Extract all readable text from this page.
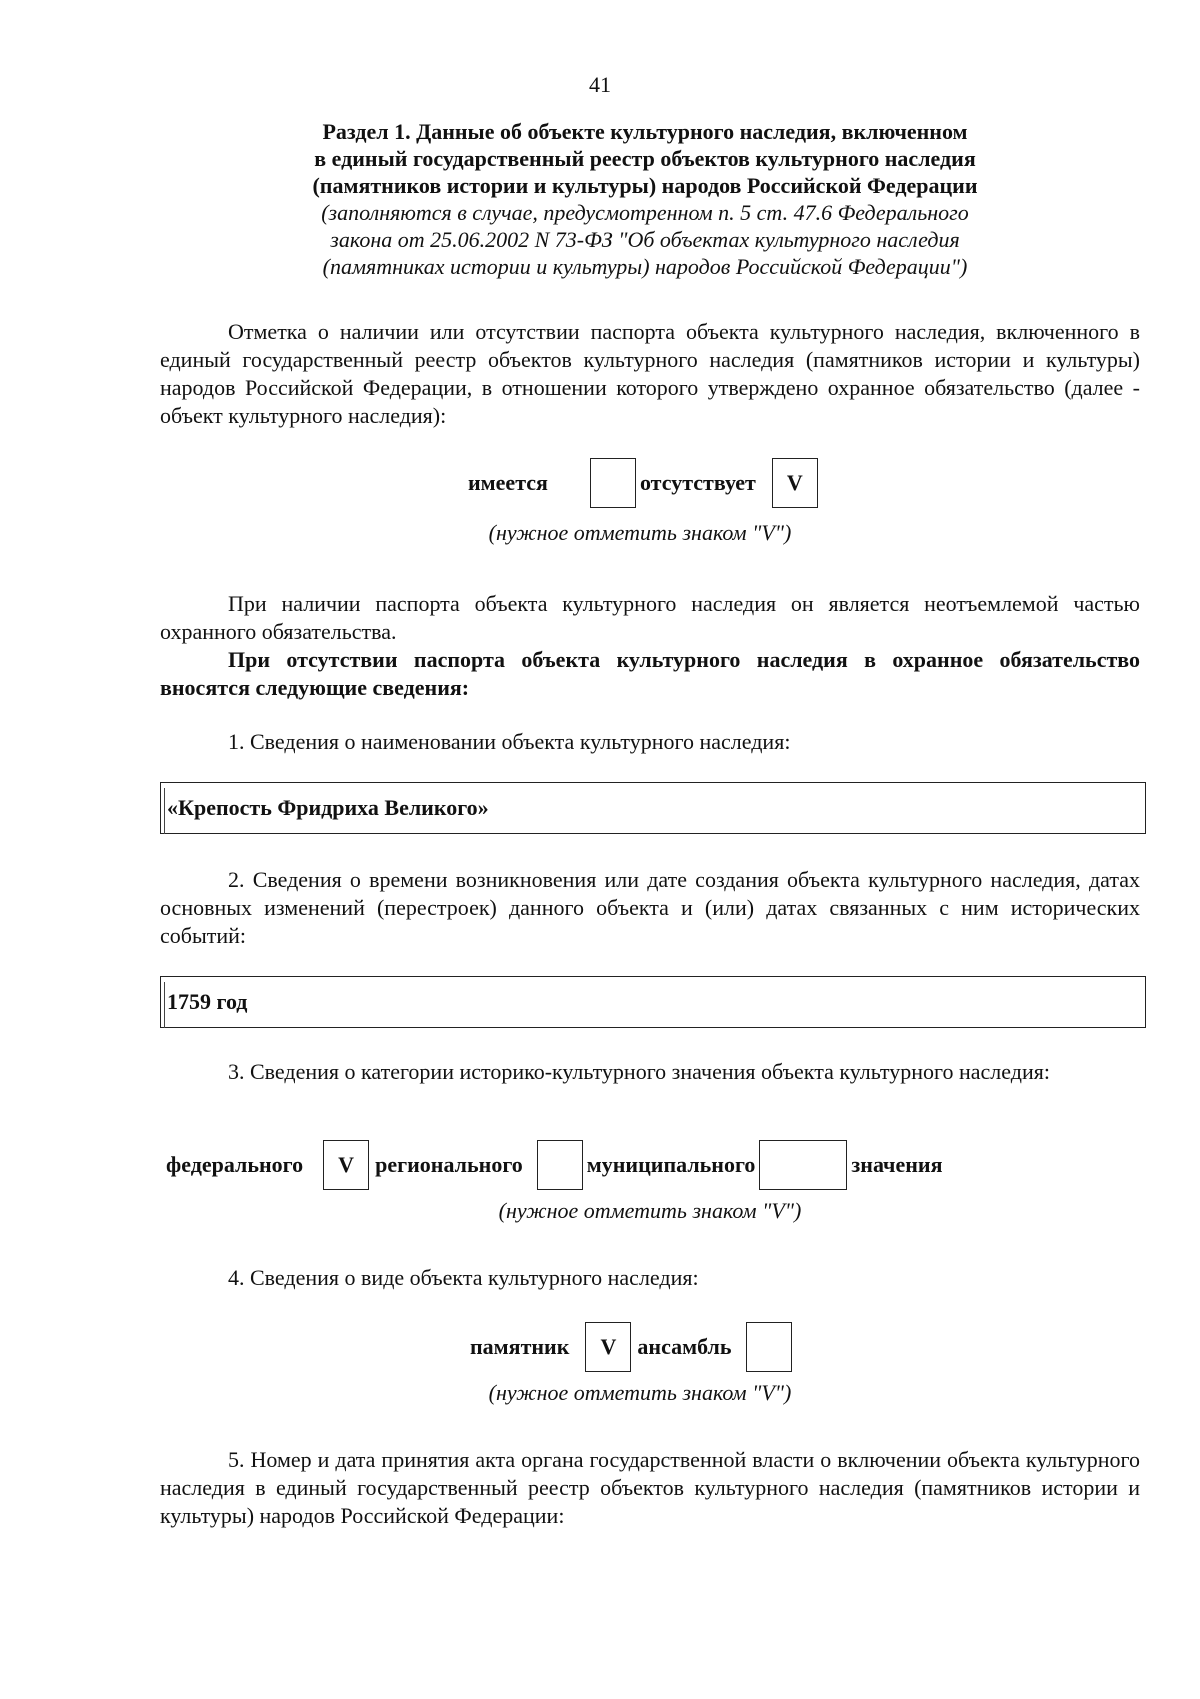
41
Раздел 1. Данные об объекте культурного наследия, включенном
в единый государственный реестр объектов культурного наследия
(памятников истории и культуры) народов Российской Федерации
(заполняются в случае, предусмотренном п. 5 ст. 47.6 Федерального
закона от 25.06.2002 N 73-ФЗ "Об объектах культурного наследия
(памятниках истории и культуры) народов Российской Федерации")
Отметка о наличии или отсутствии паспорта объекта культурного наследия, включенного в единый государственный реестр объектов культурного наследия (памятников истории и культуры) народов Российской Федерации, в отношении которого утверждено охранное обязательство (далее - объект культурного наследия):
имеется	отсутствует	V
(нужное отметить знаком "V")
При наличии паспорта объекта культурного наследия он является неотъемлемой частью охранного обязательства.
При отсутствии паспорта объекта культурного наследия в охранное обязательство вносятся следующие сведения:
1. Сведения о наименовании объекта культурного наследия:
«Крепость Фридриха Великого»
2. Сведения о времени возникновения или дате создания объекта культурного наследия, датах основных изменений (перестроек) данного объекта и (или) датах связанных с ним исторических событий:
1759 год
3. Сведения о категории историко-культурного значения объекта культурного наследия:
федерального	V регионального	муниципального	значения
(нужное отметить знаком "V")
4. Сведения о виде объекта культурного наследия:
памятник	V ансамбль
(нужное отметить знаком "V")
5. Номер и дата принятия акта органа государственной власти о включении объекта культурного наследия в единый государственный реестр объектов культурного наследия (памятников истории и культуры) народов Российской Федерации:
